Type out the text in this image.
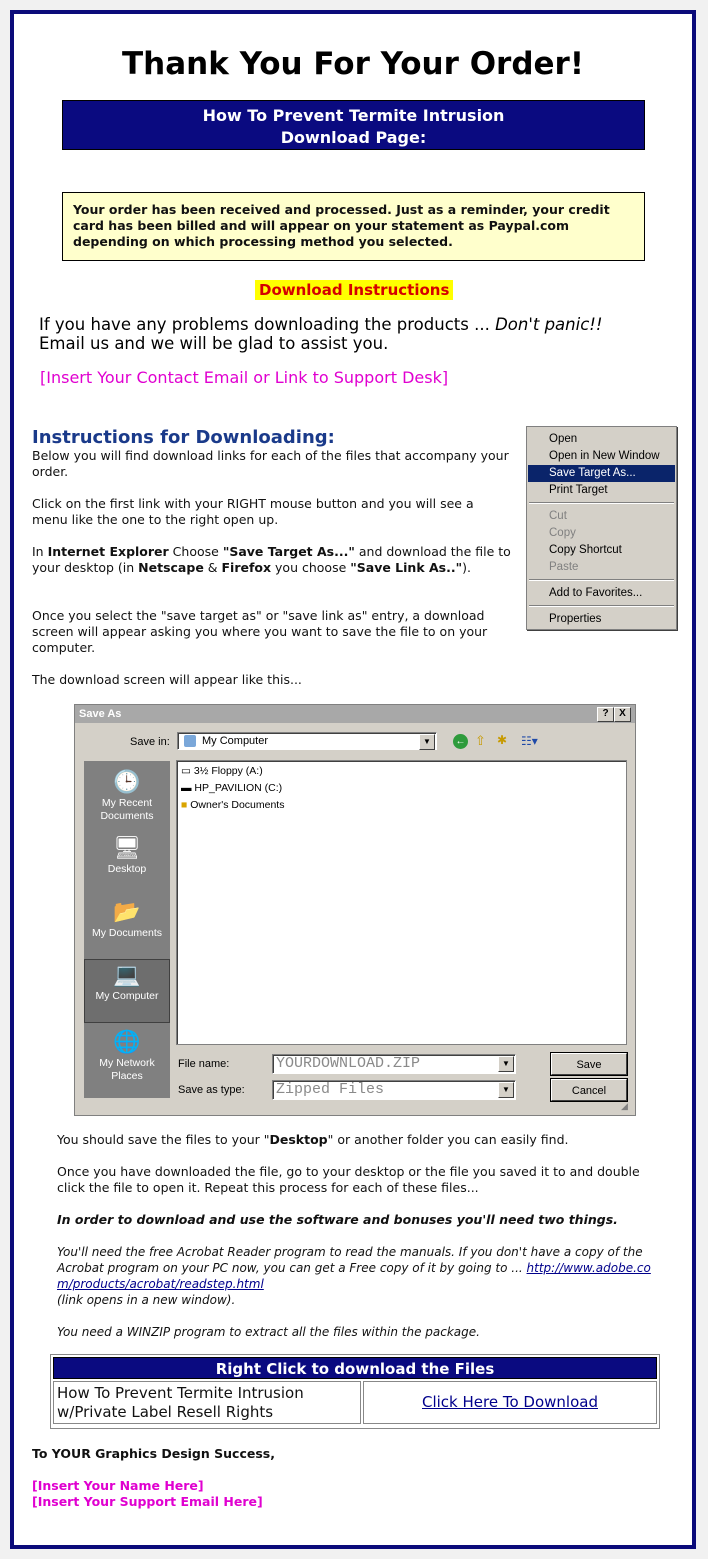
Thank You For Your Order!
How To Prevent Termite Intrusion
Download Page:
Your order has been received and processed. Just as a reminder, your credit card has been billed and will appear on your statement as Paypal.com depending on which processing method you selected.
Download Instructions
If you have any problems downloading the products ... Don't panic!!
Email us and we will be glad to assist you.
[Insert Your Contact Email or Link to Support Desk]
Instructions for Downloading:
Below you will find download links for each of the files that accompany your order.
Click on the first link with your RIGHT mouse button and you will see a menu like the one to the right open up.
In Internet Explorer Choose "Save Target As..." and download the file to your desktop (in Netscape & Firefox you choose "Save Link As..").
Once you select the "save target as" or "save link as" entry, a download screen will appear asking you where you want to save the file to on your computer.
The download screen will appear like this...
Open
Open in New Window
Save Target As...
Print Target
Cut
Copy
Copy Shortcut
Paste
Add to Favorites...
Properties
Save As	?	X
Save in:	My Computer	▼	← ⇧ ✱ ☷▾
🕒
My Recent Documents
🖥
Desktop
📂
My Documents
💻
My Computer
🌐
My Network Places
▭ 3½ Floppy (A:)
▬ HP_PAVILION (C:)
■ Owner's Documents
File name:	YOURDOWNLOAD.ZIP	▼
Save as type: Zipped Files	▼
Save
Cancel
◢
You should save the files to your "Desktop" or another folder you can easily find.
Once you have downloaded the file, go to your desktop or the file you saved it to and double click the file to open it. Repeat this process for each of these files...
In order to download and use the software and bonuses you'll need two things.
You'll need the free Acrobat Reader program to read the manuals. If you don't have a copy of the Acrobat program on your PC now, you can get a Free copy of it by going to ... http://www.adobe.com/products/acrobat/readstep.html
(link opens in a new window).
You need a WINZIP program to extract all the files within the package.
Right Click to download the Files
How To Prevent Termite Intrusion w/Private Label Resell Rights
Click Here To Download
To YOUR Graphics Design Success,
[Insert Your Name Here]
[Insert Your Support Email Here]
